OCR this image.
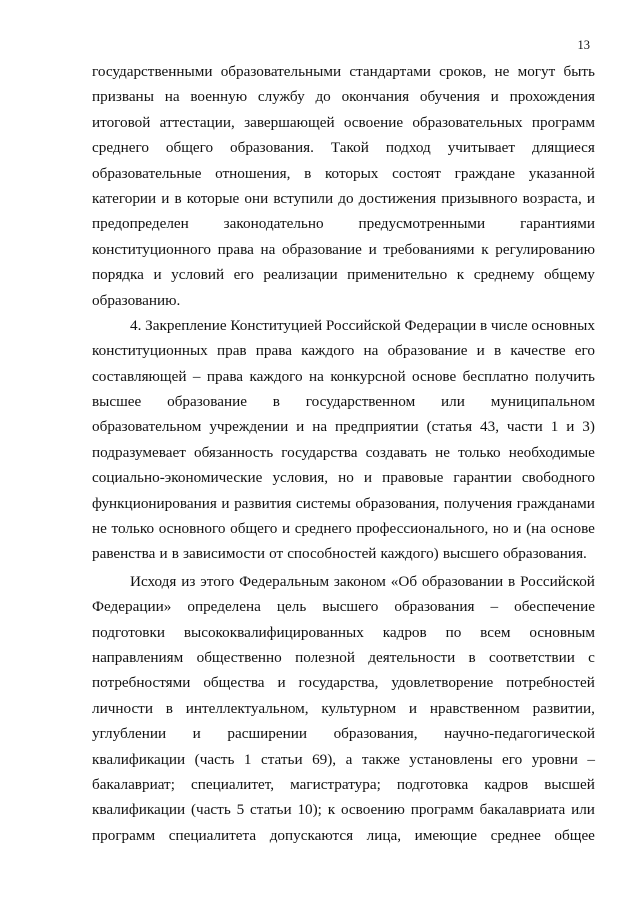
13
государственными образовательными стандартами сроков, не могут быть
призваны на военную службу до окончания обучения и прохождения
итоговой аттестации, завершающей освоение образовательных программ
среднего общего образования. Такой подход учитывает длящиеся
образовательные отношения, в которых состоят граждане указанной
категории и в которые они вступили до достижения призывного возраста, и
предопределен законодательно предусмотренными гарантиями
конституционного права на образование и требованиями к регулированию
порядка и условий его реализации применительно к среднему общему
образованию.
4. Закрепление Конституцией Российской Федерации в числе основных
конституционных прав права каждого на образование и в качестве его
составляющей – права каждого на конкурсной основе бесплатно получить
высшее образование в государственном или муниципальном
образовательном учреждении и на предприятии (статья 43, части 1 и 3)
подразумевает обязанность государства создавать не только необходимые
социально-экономические условия, но и правовые гарантии свободного
функционирования и развития системы образования, получения гражданами
не только основного общего и среднего профессионального, но и (на основе
равенства и в зависимости от способностей каждого) высшего образования.
Исходя из этого Федеральным законом «Об образовании в Российской
Федерации» определена цель высшего образования – обеспечение
подготовки высококвалифицированных кадров по всем основным
направлениям общественно полезной деятельности в соответствии с
потребностями общества и государства, удовлетворение потребностей
личности в интеллектуальном, культурном и нравственном развитии,
углублении и расширении образования, научно-педагогической
квалификации (часть 1 статьи 69), а также установлены его уровни –
бакалавриат; специалитет, магистратура; подготовка кадров высшей
квалификации (часть 5 статьи 10); к освоению программ бакалавриата или
программ специалитета допускаются лица, имеющие среднее общее
